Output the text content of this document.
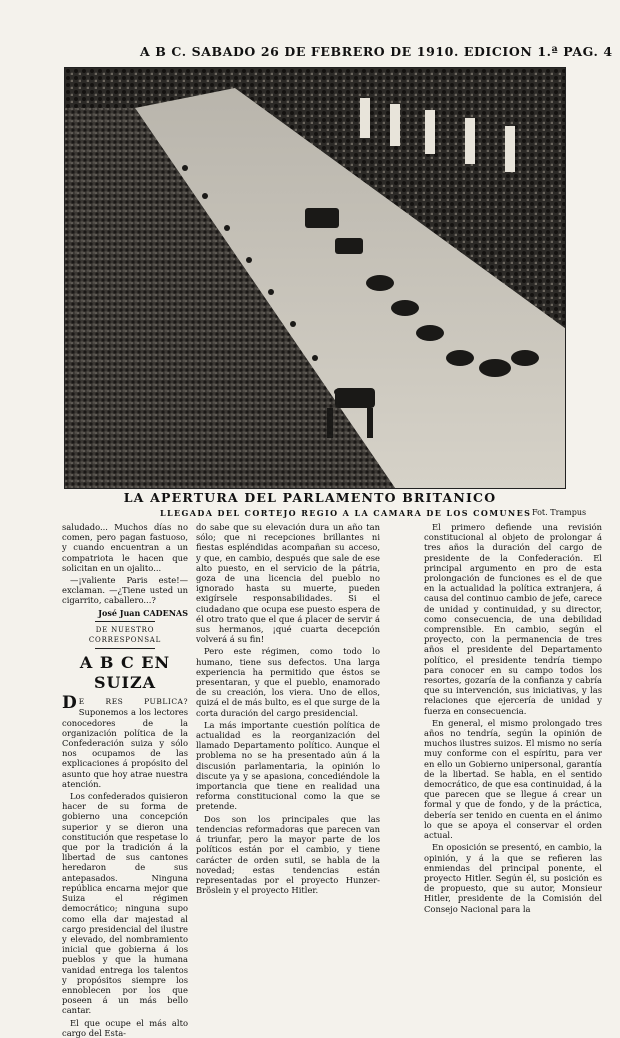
A B C. SABADO 26 DE FEBRERO DE 1910. EDICION 1.ª PAG. 4
LA APERTURA DEL PARLAMENTO BRITANICO
LLEGADA DEL CORTEJO REGIO A LA CAMARA DE LOS COMUNES Fot. Trampus

saludado... Muchos días no comen, pero pagan fastuoso, y cuando encuentran a un compatriota le hacen que solicitan en un ojalito...

—¡valiente Paris este!—exclaman. —¿Tiene usted un cigarrito, caballero...?

José Juan CADENAS
DE NUESTRO CORRESPONSAL
A B C EN SUIZA

D E RES PUBLICA? Suponemos a los lectores conocedores de la organización política de la Confederación suiza y sólo nos ocupamos de las explicaciones á propósito del asunto que hoy atrae nuestra atención.

Los confederados quisieron hacer de su forma de gobierno una concepción superior y se dieron una constitución que respetase lo que por la tradición á la libertad de sus cantones heredaron de sus antepasados. Ninguna república encarna mejor que Suiza el régimen democrático; ninguna supo como ella dar majestad al cargo presidencial del ilustre y elevado, del nombramiento inicial que gobierna á los pueblos y que la humana vanidad entrega los talentos y propósitos siempre los ennoblecen por los que poseen á un más bello cantar.

El que ocupe el más alto cargo del Esta-

do sabe que su elevación dura un año tan sólo; que ni recepciones brillantes ni fiestas espléndidas acompañan su acceso, y que, en cambio, después que sale de ese alto puesto, en el servicio de la pátria, goza de una licencia del pueblo no ignorado hasta su muerte, pueden exigírsele responsabilidades. Si el ciudadano que ocupa ese puesto espera de él otro trato que el que á placer de servir á sus hermanos, ¡qué cuarta decepción volverá á su fin!

Pero este régimen, como todo lo humano, tiene sus defectos. Una larga experiencia ha permitido que éstos se presentaran, y que el pueblo, enamorado de su creación, los viera. Uno de ellos, quizá el de más bulto, es el que surge de la corta duración del cargo presidencial.

La más importante cuestión política de actualidad es la reorganización del llamado Departamento político. Aunque el problema no se ha presentado aún á la discusión parlamentaria, la opinión lo discute ya y se apasiona, concediéndole la importancia que tiene en realidad una reforma constitucional como la que se pretende.

Dos son los principales que las tendencias reformadoras que parecen van á triunfar, pero la mayor parte de los políticos están por el cambio, y tiene carácter de orden sutil, se habla de la novedad; estas tendencias están representadas por el proyecto Hunzer-Bröslein y el proyecto Hitler.

El primero defiende una revisión constitucional al objeto de prolongar á tres años la duración del cargo de presidente de la Confederación. El principal argumento en pro de esta prolongación de funciones es el de que en la actualidad la política extranjera, á causa del continuo cambio de jefe, carece de unidad y continuidad, y su director, como consecuencia, de una debilidad comprensible. En cambio, según el proyecto, con la permanencia de tres años el presidente del Departamento político, el presidente tendría tiempo para conocer en su campo todos los resortes, gozaría de la confianza y cabría que su intervención, sus iniciativas, y las relaciones que ejercería de unidad y fuerza en consecuencia.

En general, el mismo prolongado tres años no tendría, según la opinión de muchos ilustres suizos. El mismo no sería muy conforme con el espíritu, para ver en ello un Gobierno unipersonal, garantía de la libertad. Se habla, en el sentido democrático, de que esa continuidad, á la que parecen que se llegue á crear un formal y que de fondo, y de la práctica, debería ser tenido en cuenta en el ánimo lo que se apoya el conservar el orden actual.

En oposición se presentó, en cambio, la opinión, y á la que se refieren las enmiendas del principal ponente, el proyecto Hitler. Según él, su posición es de propuesto, que su autor, Monsieur Hitler, presidente de la Comisión del Consejo Nacional para la
